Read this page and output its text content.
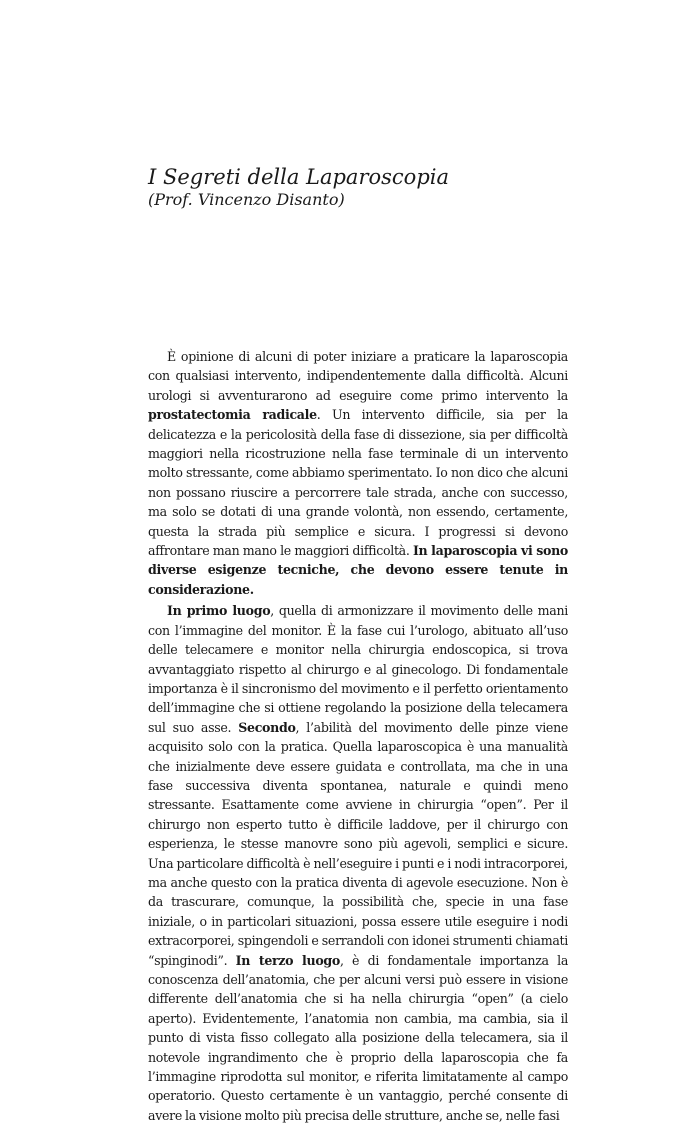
I Segreti della Laparoscopia
(Prof. Vincenzo Disanto)

È opinione di alcuni di poter iniziare a praticare la laparoscopia con qualsiasi intervento, indipendentemente dalla difficoltà. Alcuni urologi si avventurarono ad eseguire come primo intervento la prostatectomia radicale. Un intervento difficile, sia per la delicatezza e la pericolosità della fase di dissezione, sia per difficoltà maggiori nella ricostruzione nella fase terminale di un intervento molto stressante, come abbiamo sperimentato. Io non dico che alcuni non possano riuscire a percorrere tale strada, anche con successo, ma solo se dotati di una grande volontà, non essendo, certamente, questa la strada più semplice e sicura. I progressi si devono affrontare man mano le maggiori difficoltà. In laparoscopia vi sono diverse esigenze tecniche, che devono essere tenute in considerazione.

In primo luogo, quella di armonizzare il movimento delle mani con l’immagine del monitor. È la fase cui l’urologo, abituato all’uso delle telecamere e monitor nella chirurgia endoscopica, si trova avvantaggiato rispetto al chirurgo e al ginecologo. Di fondamentale importanza è il sincronismo del movimento e il perfetto orientamento dell’immagine che si ottiene regolando la posizione della telecamera sul suo asse. Secondo, l’abilità del movimento delle pinze viene acquisito solo con la pratica. Quella laparoscopica è una manualità che inizialmente deve essere guidata e controllata, ma che in una fase successiva diventa spontanea, naturale e quindi meno stressante. Esattamente come avviene in chirurgia “open”. Per il chirurgo non esperto tutto è difficile laddove, per il chirurgo con esperienza, le stesse manovre sono più agevoli, semplici e sicure. Una particolare difficoltà è nell’eseguire i punti e i nodi intracorporei, ma anche questo con la pratica diventa di agevole esecuzione. Non è da trascurare, comunque, la possibilità che, specie in una fase iniziale, o in particolari situazioni, possa essere utile eseguire i nodi extracorporei, spingendoli e serrandoli con idonei strumenti chiamati “spinginodi”. In terzo luogo, è di fondamentale importanza la conoscenza dell’anatomia, che per alcuni versi può essere in visione differente dell’anatomia che si ha nella chirurgia “open” (a cielo aperto). Evidentemente, l’anatomia non cambia, ma cambia, sia il punto di vista fisso collegato alla posizione della telecamera, sia il notevole ingrandimento che è proprio della laparoscopia che fa l’immagine riprodotta sul monitor, e riferita limitatamente al campo operatorio. Questo certamente è un vantaggio, perché consente di avere la visione molto più precisa delle strutture, anche se, nelle fasi
